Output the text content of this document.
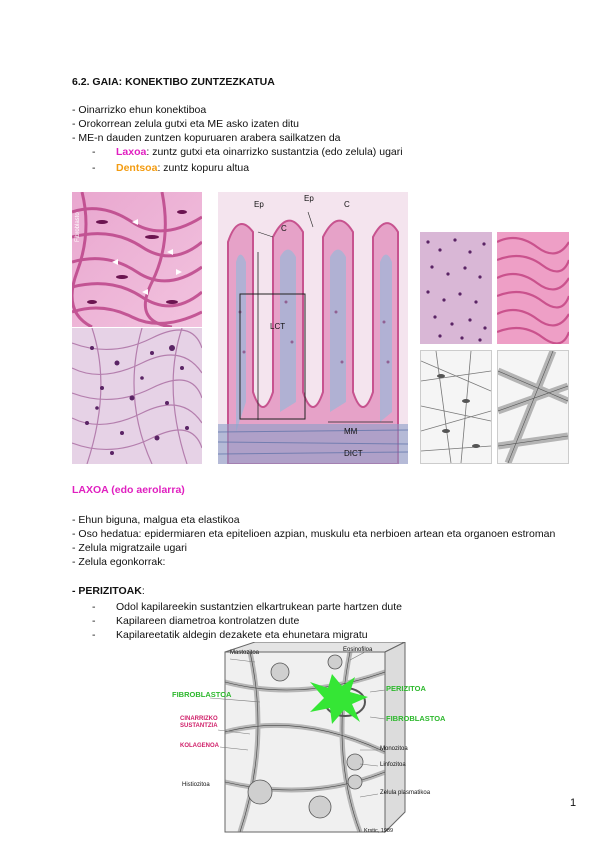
6.2. GAIA: KONEKTIBO ZUNTZEZKATUA
- Oinarrizko ehun konektiboa
- Orokorrean zelula gutxi eta ME asko izaten ditu
- ME-n dauden zuntzen kopuruaren arabera sailkatzen da
- Laxoa: zuntz gutxi eta oinarrizko sustantzia (edo zelula) ugari
- Dentsoa: zuntz kopuru altua
Fibroblasto
Ep
Ep
C
C
LCT
MM
DICT
LAXOA (edo aerolarra)
- Ehun biguna, malgua eta elastikoa
- Oso hedatua: epidermiaren eta epitelioen azpian, muskulu eta nerbioen artean eta organoen estroman
- Zelula migratzaile ugari
- Zelula egonkorrak:
- PERIZITOAK:
- Odol kapilareekin sustantzien elkartrukean parte hartzen dute
- Kapilareen diametroa kontrolatzen dute
- Kapilareetatik aldegin dezakete eta ehunetara migratu
Mastozitoa	Eosinofiloa
FIBROBLASTOA
PERIZITOA
CINARRIZKO
SUSTANTZIA
FIBROBLASTOA
KOLAGENOA	Monozitoa
Linfozitoa
Histiozitoa
Zelula plasmatikoa
Krstic, 1989
1
